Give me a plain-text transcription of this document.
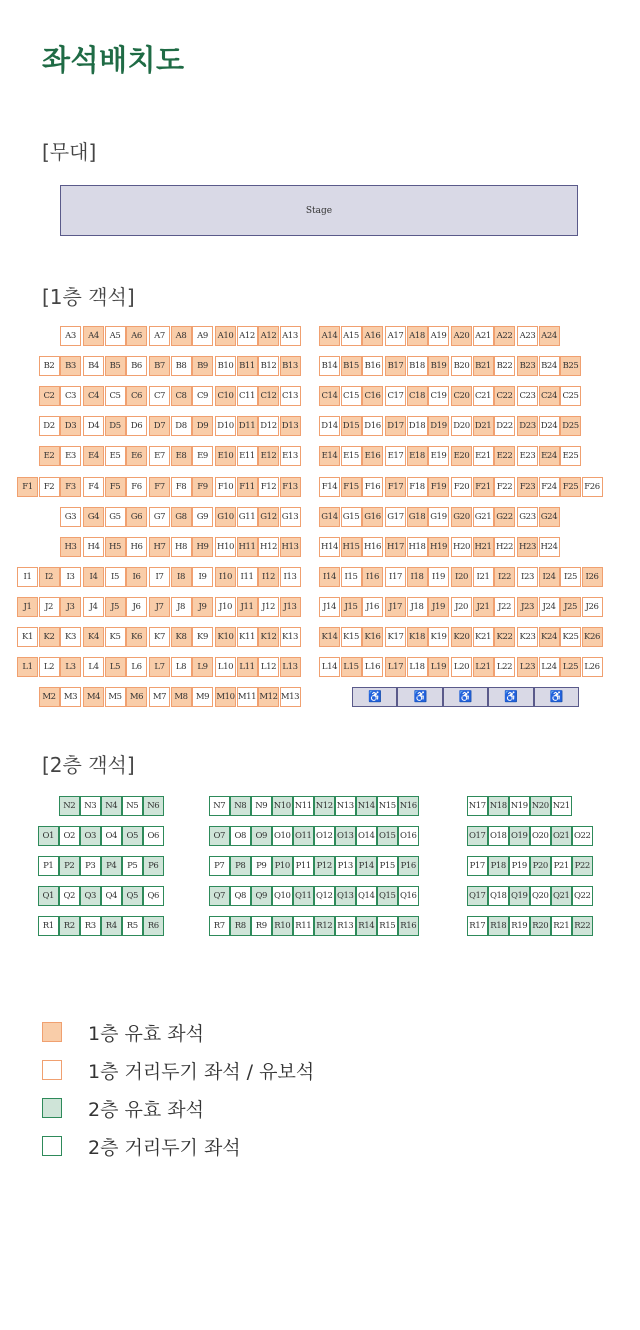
좌석배치도
[무대]
Stage
[1층 객석]
A3	A4	A5	A6	A7	A8	A9	A10 A12 A12 A13	A14 A15 A16 A17 A18 A19 A20 A21 A22 A23 A24
B2	B3	B4	B5	B6	B7	B8	B9	B10 B11 B12 B13	B14 B15 B16 B17 B18 B19 B20 B21 B22 B23 B24 B25
C2	C3	C4	C5	C6	C7	C8	C9	C10 C11 C12 C13	C14 C15 C16 C17 C18 C19 C20 C21 C22 C23 C24 C25
D2	D3	D4	D5	D6	D7	D8	D9	D10 D11 D12 D13	D14 D15 D16 D17 D18 D19 D20 D21 D22 D23 D24 D25
E2	E3	E4	E5	E6	E7	E8	E9	E10 E11 E12 E13	E14 E15 E16 E17 E18 E19 E20 E21 E22 E23 E24 E25
F1	F2	F3	F4	F5	F6	F7	F8	F9	F10 F11 F12 F13	F14 F15 F16 F17 F18 F19 F20 F21 F22 F23 F24 F25 F26
G3	G4	G5	G6	G7	G8	G9	G10 G11 G12 G13	G14 G15 G16 G17 G18 G19 G20 G21 G22 G23 G24
H3	H4	H5	H6	H7	H8	H9 H10 H11 H12 H13	H14 H15 H16 H17 H18 H19 H20 H21 H22 H23 H24
I1	I2	I3	I4	I5	I6	I7	I8	I9	I10	I11	I12	I13	I14	I15	I16	I17	I18	I19	I20	I21	I22	I23	I24	I25	I26
J1	J2	J3	J4	J5	J6	J7	J8	J9	J10 J11 J12 J13	J14 J15 J16	J17 J18 J19	J20 J21 J22	J23 J24 J25 J26
K1	K2	K3	K4	K5	K6	K7	K8	K9	K10 K11 K12 K13	K14 K15 K16 K17 K18 K19 K20 K21 K22 K23 K24 K25 K26
L1	L2	L3	L4	L5	L6	L7	L8	L9	L10 L11 L12 L13	L14 L15 L16 L17 L18 L19 L20 L21 L22 L23 L24 L25 L26
M2 M3	M4 M5 M6	M7 M8 M9 M10 M11 M12 M13	♿	♿	♿	♿	♿
[2층 객석]
N2	N3	N4	N5	N6	N7	N8	N9 N10 N11 N12 N13 N14 N15 N16	N17 N18 N19 N20 N21
O1	O2	O3	O4	O5	O6	O7	O8	O9 O10 O11 O12 O13 O14 O15 O16	O17 O18 O19 O20 O21 O22
P1	P2	P3	P4	P5	P6	P7	P8	P9 P10 P11 P12 P13 P14 P15 P16	P17 P18 P19 P20 P21 P22
Q1	Q2	Q3	Q4	Q5	Q6	Q7	Q8	Q9 Q10 Q11 Q12 Q13 Q14 Q15 Q16	Q17 Q18 Q19 Q20 Q21 Q22
R1	R2	R3	R4	R5	R6	R7	R8	R9 R10 R11 R12 R13 R14 R15 R16	R17 R18 R19 R20 R21 R22
1층 유효 좌석
1층 거리두기 좌석 / 유보석
2층 유효 좌석
2층 거리두기 좌석
